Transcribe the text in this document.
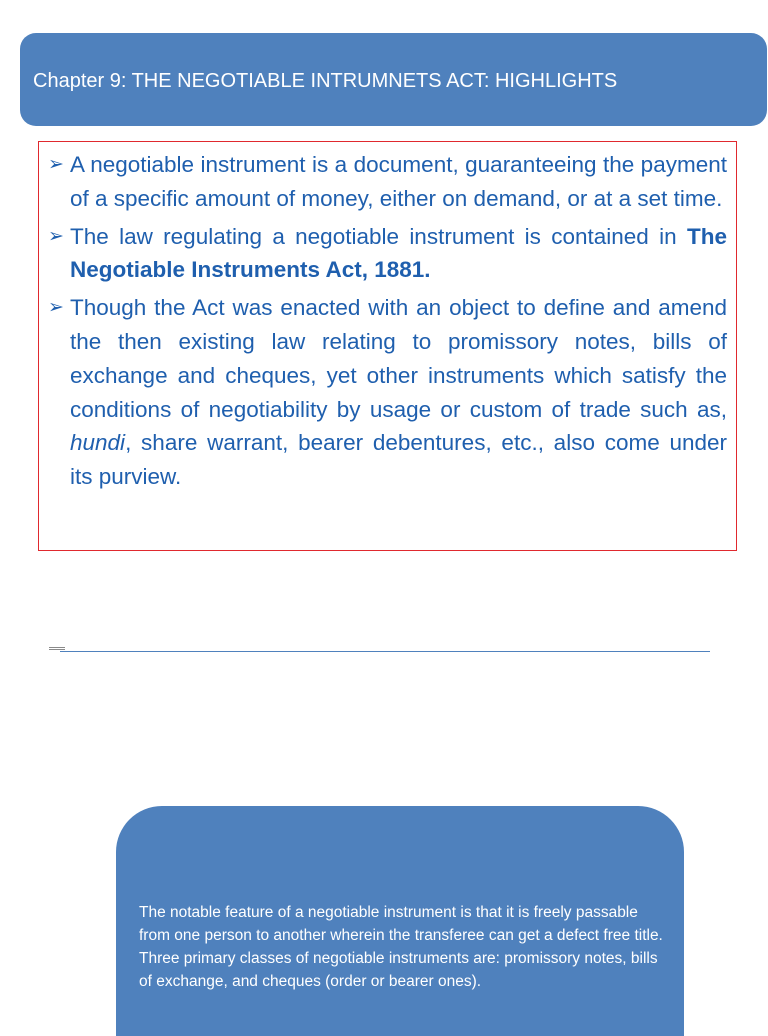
Chapter 9: THE NEGOTIABLE INTRUMNETS ACT: HIGHLIGHTS
➢ A negotiable instrument is a document, guaranteeing the payment of a specific amount of money, either on demand, or at a set time.
➢ The law regulating a negotiable instrument is contained in The Negotiable Instruments Act, 1881.
➢ Though the Act was enacted with an object to define and amend the then existing law relating to promissory notes, bills of exchange and cheques, yet other instruments which satisfy the conditions of negotiability by usage or custom of trade such as, hundi, share warrant, bearer debentures, etc., also come under its purview.
The notable feature of a negotiable instrument is that it is freely passable from one person to another wherein the transferee can get a defect free title. Three primary classes of negotiable instruments are: promissory notes, bills of exchange, and cheques (order or bearer ones).
